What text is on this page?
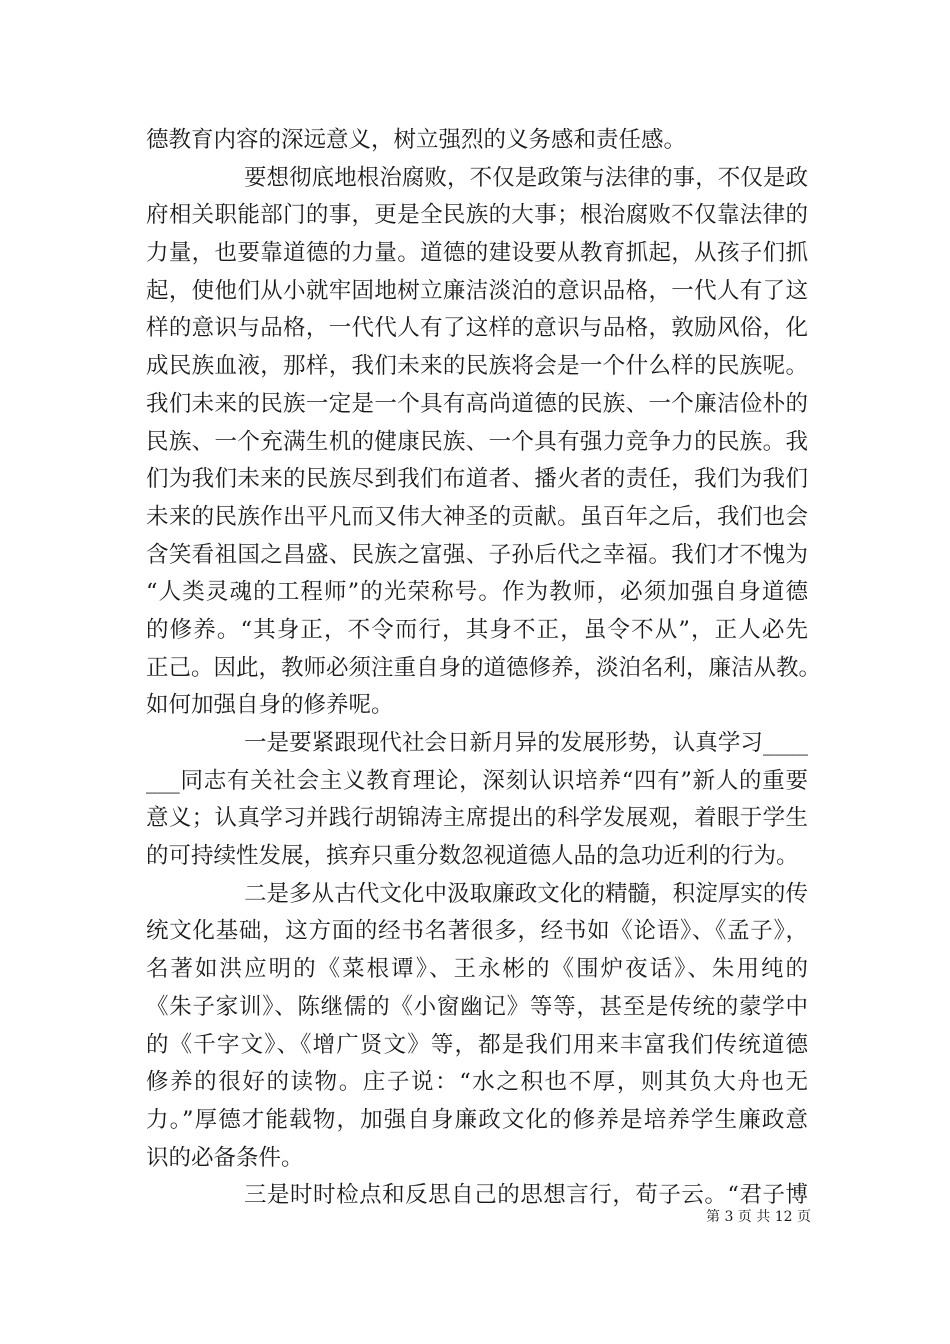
德教育内容的深远意义，树立强烈的义务感和责任感。
要想彻底地根治腐败，不仅是政策与法律的事，不仅是政
府相关职能部门的事，更是全民族的大事；根治腐败不仅靠法律的
力量，也要靠道德的力量。道德的建设要从教育抓起，从孩子们抓
起，使他们从小就牢固地树立廉洁淡泊的意识品格，一代人有了这
样的意识与品格，一代代人有了这样的意识与品格，敦励风俗，化
成民族血液，那样，我们未来的民族将会是一个什么样的民族呢。
我们未来的民族一定是一个具有高尚道德的民族、一个廉洁俭朴的
民族、一个充满生机的健康民族、一个具有强力竞争力的民族。我
们为我们未来的民族尽到我们布道者、播火者的责任，我们为我们
未来的民族作出平凡而又伟大神圣的贡献。虽百年之后，我们也会
含笑看祖国之昌盛、民族之富强、子孙后代之幸福。我们才不愧为
“人类灵魂的工程师”的光荣称号。作为教师，必须加强自身道德
的修养。“其身正，不令而行，其身不正，虽令不从”，正人必先
正己。因此，教师必须注重自身的道德修养，淡泊名利，廉洁从教。
如何加强自身的修养呢。
一是要紧跟现代社会日新月异的发展形势，认真学习____
___同志有关社会主义教育理论，深刻认识培养“四有”新人的重要
意义；认真学习并践行胡锦涛主席提出的科学发展观，着眼于学生
的可持续性发展，摈弃只重分数忽视道德人品的急功近利的行为。
二是多从古代文化中汲取廉政文化的精髓，积淀厚实的传
统文化基础，这方面的经书名著很多，经书如《论语》、《孟子》，
名著如洪应明的《菜根谭》、王永彬的《围炉夜话》、朱用纯的
《朱子家训》、陈继儒的《小窗幽记》等等，甚至是传统的蒙学中
的《千字文》、《增广贤文》等，都是我们用来丰富我们传统道德
修养的很好的读物。庄子说：“水之积也不厚，则其负大舟也无
力。”厚德才能载物，加强自身廉政文化的修养是培养学生廉政意
识的必备条件。
三是时时检点和反思自己的思想言行，荀子云。“君子博
第 3 页 共 12 页
